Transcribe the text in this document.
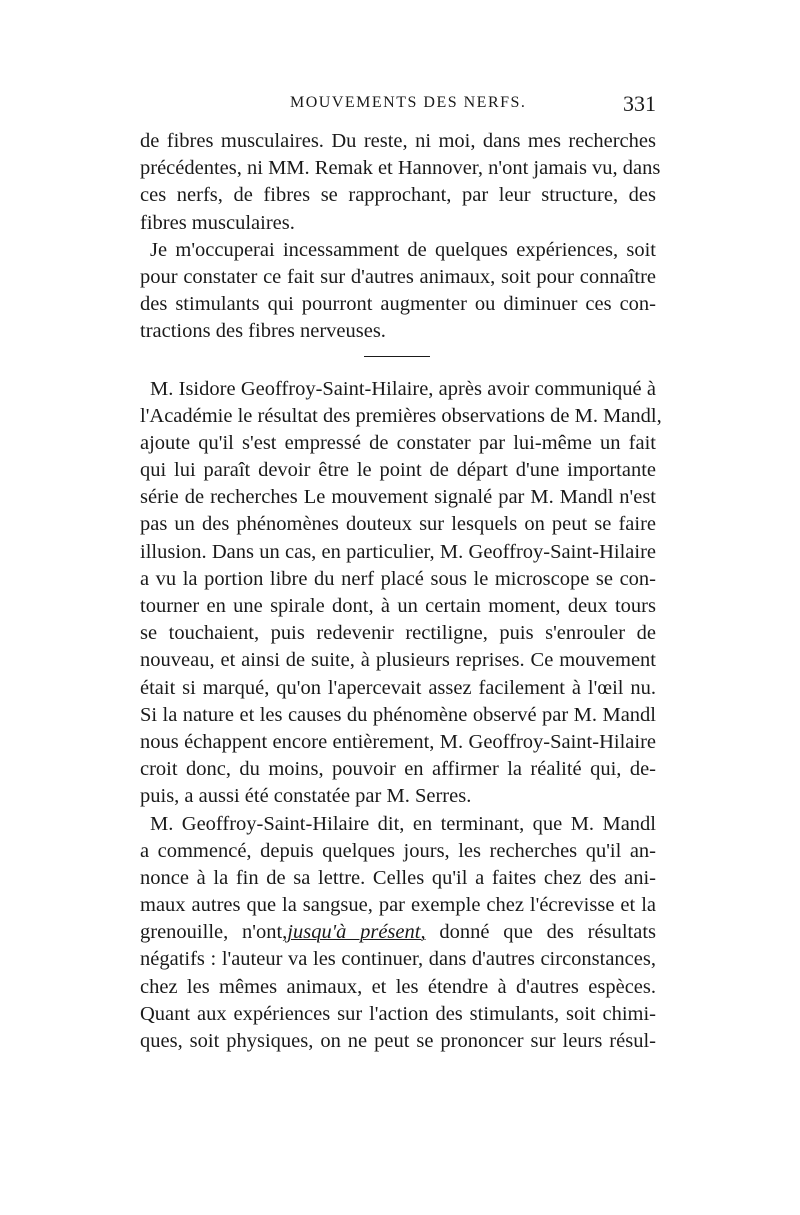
MOUVEMENTS DES NERFS.	331
de fibres musculaires. Du reste, ni moi, dans mes recherches
précédentes, ni MM. Remak et Hannover, n'ont jamais vu, dans
ces nerfs, de fibres se rapprochant, par leur structure, des
fibres musculaires.
Je m'occuperai incessamment de quelques expériences, soit
pour constater ce fait sur d'autres animaux, soit pour connaître
des stimulants qui pourront augmenter ou diminuer ces con-
tractions des fibres nerveuses.
M. Isidore Geoffroy-Saint-Hilaire, après avoir communiqué à
l'Académie le résultat des premières observations de M. Mandl,
ajoute qu'il s'est empressé de constater par lui-même un fait
qui lui paraît devoir être le point de départ d'une importante
série de recherches Le mouvement signalé par M. Mandl n'est
pas un des phénomènes douteux sur lesquels on peut se faire
illusion. Dans un cas, en particulier, M. Geoffroy-Saint-Hilaire
a vu la portion libre du nerf placé sous le microscope se con-
tourner en une spirale dont, à un certain moment, deux tours
se touchaient, puis redevenir rectiligne, puis s'enrouler de
nouveau, et ainsi de suite, à plusieurs reprises. Ce mouvement
était si marqué, qu'on l'apercevait assez facilement à l'œil nu.
Si la nature et les causes du phénomène observé par M. Mandl
nous échappent encore entièrement, M. Geoffroy-Saint-Hilaire
croit donc, du moins, pouvoir en affirmer la réalité qui, de-
puis, a aussi été constatée par M. Serres.
M. Geoffroy-Saint-Hilaire dit, en terminant, que M. Mandl
a commencé, depuis quelques jours, les recherches qu'il an-
nonce à la fin de sa lettre. Celles qu'il a faites chez des ani-
maux autres que la sangsue, par exemple chez l'écrevisse et la
grenouille, n'ont,jusqu'à présent, donné que des résultats
négatifs : l'auteur va les continuer, dans d'autres circonstances,
chez les mêmes animaux, et les étendre à d'autres espèces.
Quant aux expériences sur l'action des stimulants, soit chimi-
ques, soit physiques, on ne peut se prononcer sur leurs résul-
